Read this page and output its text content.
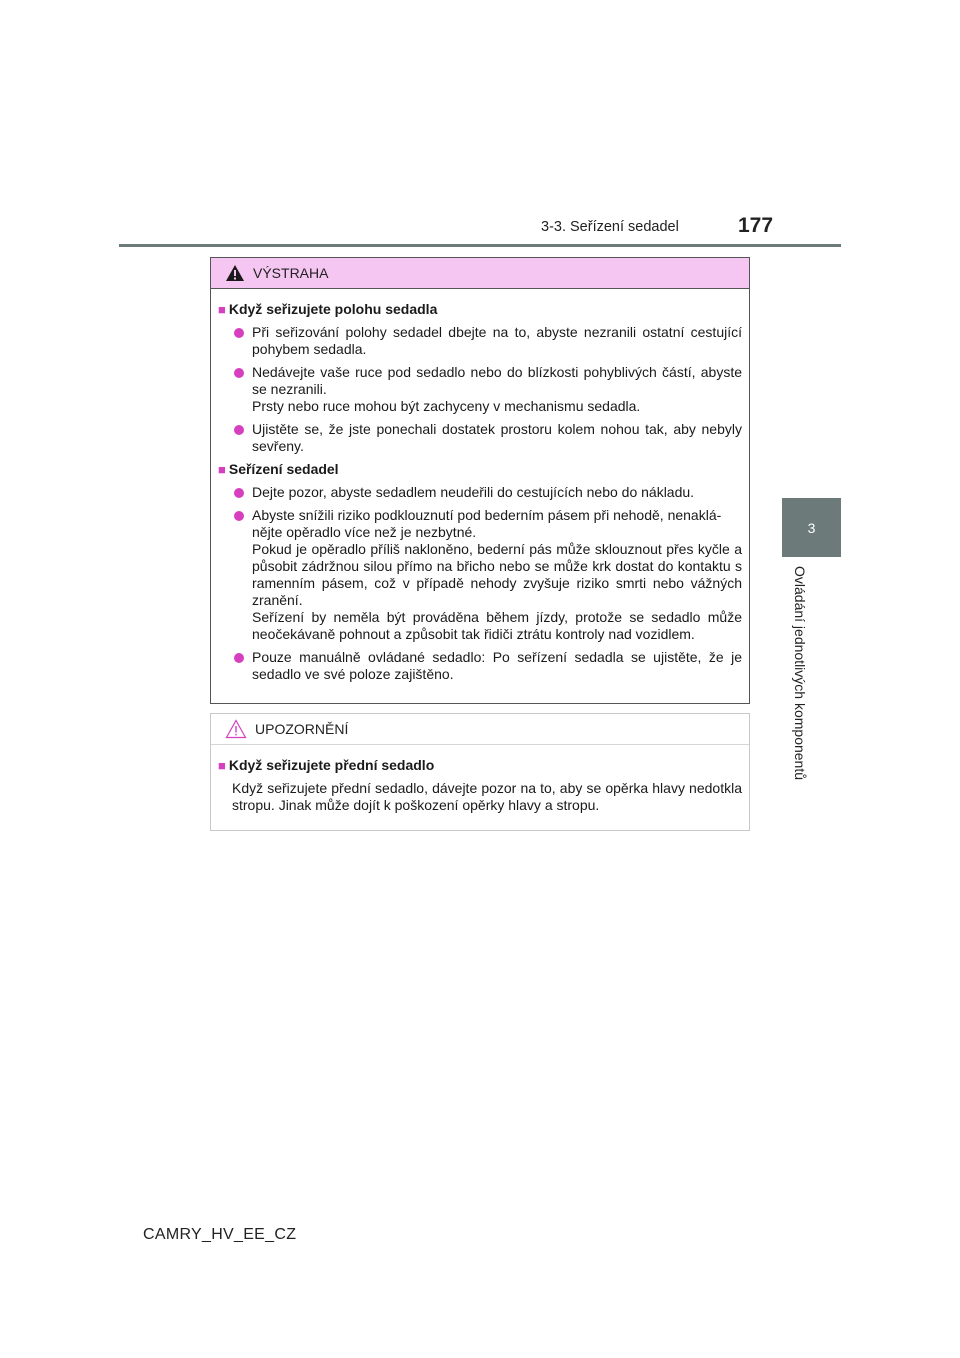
3-3. Seřízení sedadel	177
3
Ovládání jednotlivých komponentů
VÝSTRAHA
■ Když seřizujete polohu sedadla
Při seřizování polohy sedadel dbejte na to, abyste nezranili ostatní cestující pohybem sedadla.
Nedávejte vaše ruce pod sedadlo nebo do blízkosti pohyblivých částí, abyste se nezranili.
Prsty nebo ruce mohou být zachyceny v mechanismu sedadla.
Ujistěte se, že jste ponechali dostatek prostoru kolem nohou tak, aby nebyly sevřeny.
■ Seřízení sedadel
Dejte pozor, abyste sedadlem neudeřili do cestujících nebo do nákladu.
Abyste snížili riziko podklouznutí pod bederním pásem při nehodě, nenaklá-
nějte opěradlo více než je nezbytné.
Pokud je opěradlo příliš nakloněno, bederní pás může sklouznout přes kyčle a působit zádržnou silou přímo na břicho nebo se může krk dostat do kontaktu s ramenním pásem, což v případě nehody zvyšuje riziko smrti nebo vážných zranění.
Seřízení by neměla být prováděna během jízdy, protože se sedadlo může neočekávaně pohnout a způsobit tak řidiči ztrátu kontroly nad vozidlem.
Pouze manuálně ovládané sedadlo: Po seřízení sedadla se ujistěte, že je sedadlo ve své poloze zajištěno.
UPOZORNĚNÍ
■ Když seřizujete přední sedadlo
Když seřizujete přední sedadlo, dávejte pozor na to, aby se opěrka hlavy nedotkla stropu. Jinak může dojít k poškození opěrky hlavy a stropu.
CAMRY_HV_EE_CZ
